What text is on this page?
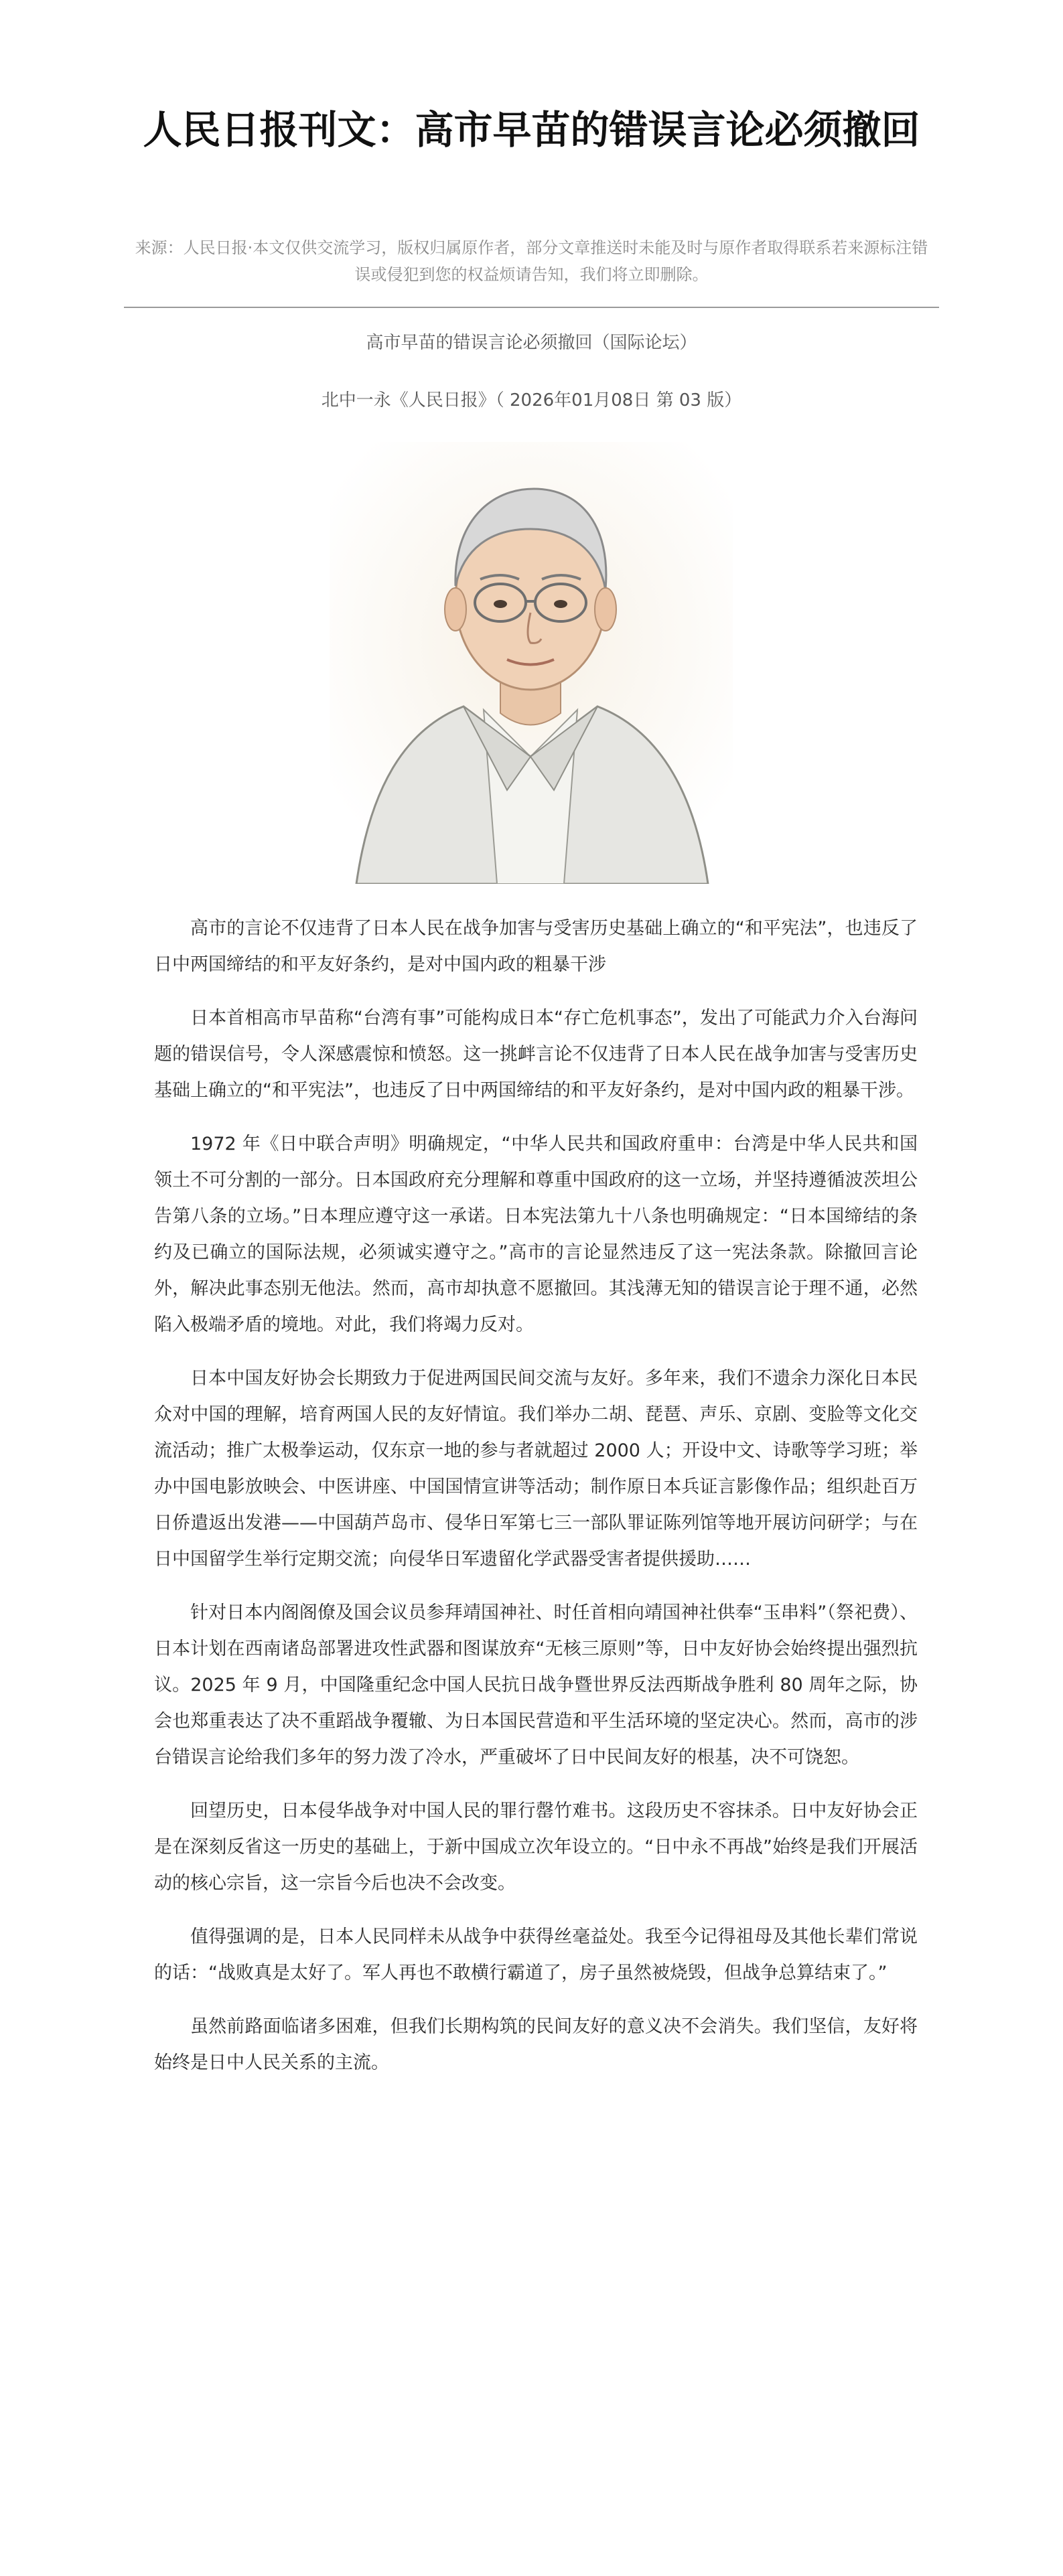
人民日报刊文：高市早苗的错误言论必须撤回

来源：人民日报·本文仅供交流学习，版权归属原作者，部分文章推送时未能及时与原作者取得联系若来源标注错误或侵犯到您的权益烦请告知，我们将立即删除。

高市早苗的错误言论必须撤回（国际论坛）

北中一永《人民日报》（ 2026年01月08日 第 03 版）

高市的言论不仅违背了日本人民在战争加害与受害历史基础上确立的“和平宪法”，也违反了日中两国缔结的和平友好条约，是对中国内政的粗暴干涉

日本首相高市早苗称“台湾有事”可能构成日本“存亡危机事态”，发出了可能武力介入台海问题的错误信号，令人深感震惊和愤怒。这一挑衅言论不仅违背了日本人民在战争加害与受害历史基础上确立的“和平宪法”，也违反了日中两国缔结的和平友好条约，是对中国内政的粗暴干涉。

1972 年《日中联合声明》明确规定，“中华人民共和国政府重申：台湾是中华人民共和国领土不可分割的一部分。日本国政府充分理解和尊重中国政府的这一立场，并坚持遵循波茨坦公告第八条的立场。”日本理应遵守这一承诺。日本宪法第九十八条也明确规定：“日本国缔结的条约及已确立的国际法规，必须诚实遵守之。”高市的言论显然违反了这一宪法条款。除撤回言论外，解决此事态别无他法。然而，高市却执意不愿撤回。其浅薄无知的错误言论于理不通，必然陷入极端矛盾的境地。对此，我们将竭力反对。

日本中国友好协会长期致力于促进两国民间交流与友好。多年来，我们不遗余力深化日本民众对中国的理解，培育两国人民的友好情谊。我们举办二胡、琵琶、声乐、京剧、变脸等文化交流活动；推广太极拳运动，仅东京一地的参与者就超过 2000 人；开设中文、诗歌等学习班；举办中国电影放映会、中医讲座、中国国情宣讲等活动；制作原日本兵证言影像作品；组织赴百万日侨遣返出发港——中国葫芦岛市、侵华日军第七三一部队罪证陈列馆等地开展访问研学；与在日中国留学生举行定期交流；向侵华日军遗留化学武器受害者提供援助……

针对日本内阁阁僚及国会议员参拜靖国神社、时任首相向靖国神社供奉“玉串料”（祭祀费）、日本计划在西南诸岛部署进攻性武器和图谋放弃“无核三原则”等，日中友好协会始终提出强烈抗议。2025 年 9 月，中国隆重纪念中国人民抗日战争暨世界反法西斯战争胜利 80 周年之际，协会也郑重表达了决不重蹈战争覆辙、为日本国民营造和平生活环境的坚定决心。然而，高市的涉台错误言论给我们多年的努力泼了冷水，严重破坏了日中民间友好的根基，决不可饶恕。

回望历史，日本侵华战争对中国人民的罪行罄竹难书。这段历史不容抹杀。日中友好协会正是在深刻反省这一历史的基础上，于新中国成立次年设立的。“日中永不再战”始终是我们开展活动的核心宗旨，这一宗旨今后也决不会改变。

值得强调的是，日本人民同样未从战争中获得丝毫益处。我至今记得祖母及其他长辈们常说的话：“战败真是太好了。军人再也不敢横行霸道了，房子虽然被烧毁，但战争总算结束了。”

虽然前路面临诸多困难，但我们长期构筑的民间友好的意义决不会消失。我们坚信，友好将始终是日中人民关系的主流。
